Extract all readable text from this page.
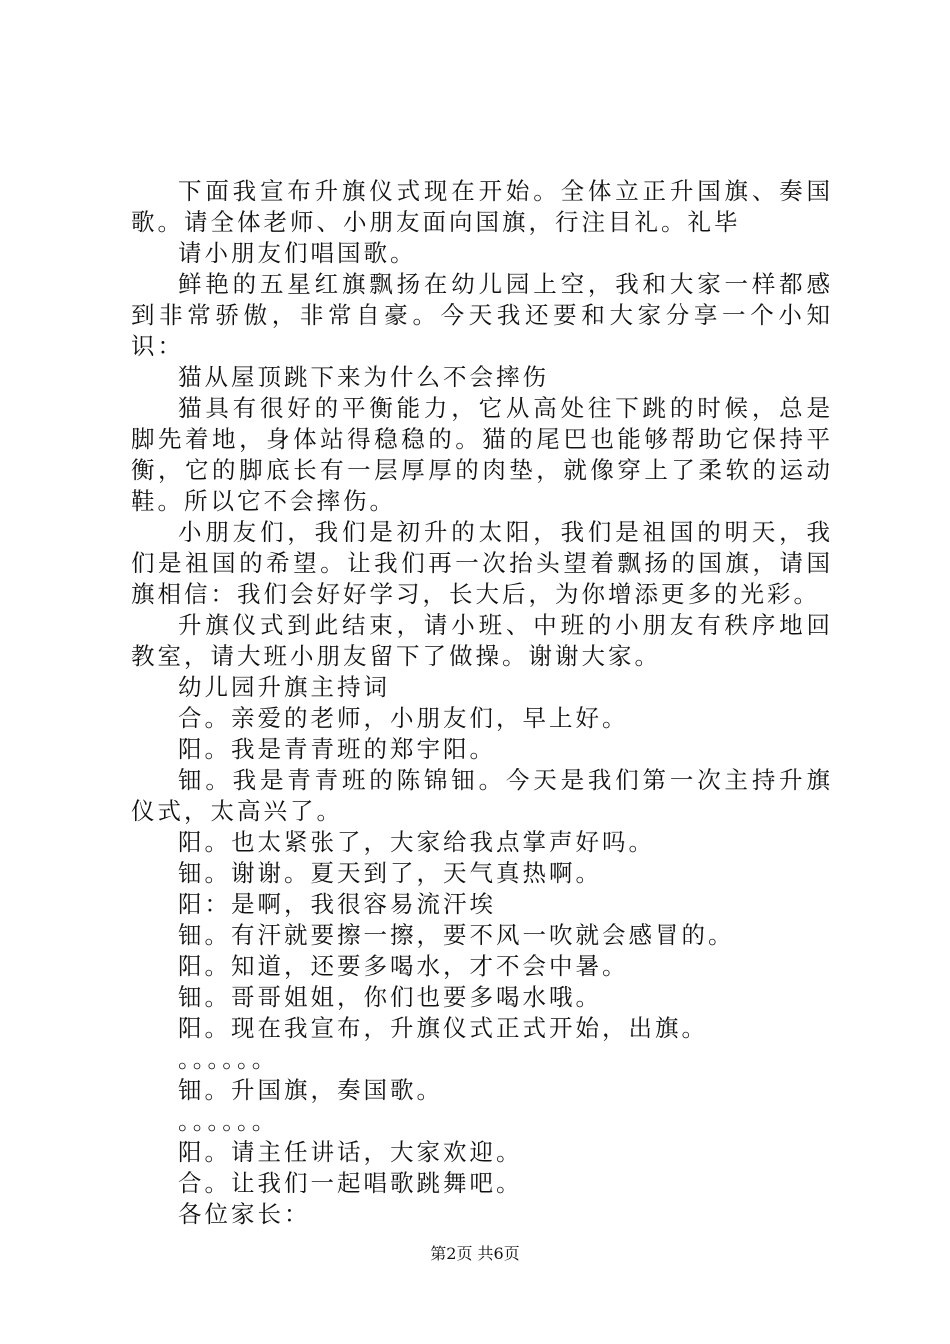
下面我宣布升旗仪式现在开始。全体立正升国旗、奏国歌。请全体老师、小朋友面向国旗，行注目礼。礼毕

请小朋友们唱国歌。

鲜艳的五星红旗飘扬在幼儿园上空，我和大家一样都感到非常骄傲，非常自豪。今天我还要和大家分享一个小知识：

猫从屋顶跳下来为什么不会摔伤

猫具有很好的平衡能力，它从高处往下跳的时候，总是脚先着地，身体站得稳稳的。猫的尾巴也能够帮助它保持平衡，它的脚底长有一层厚厚的肉垫，就像穿上了柔软的运动鞋。所以它不会摔伤。

小朋友们，我们是初升的太阳，我们是祖国的明天，我们是祖国的希望。让我们再一次抬头望着飘扬的国旗，请国旗相信：我们会好好学习，长大后，为你增添更多的光彩。

升旗仪式到此结束，请小班、中班的小朋友有秩序地回教室，请大班小朋友留下了做操。谢谢大家。

幼儿园升旗主持词

合。亲爱的老师，小朋友们，早上好。

阳。我是青青班的郑宇阳。

钿。我是青青班的陈锦钿。今天是我们第一次主持升旗仪式，太高兴了。

阳。也太紧张了，大家给我点掌声好吗。

钿。谢谢。夏天到了，天气真热啊。

阳：是啊，我很容易流汗埃

钿。有汗就要擦一擦，要不风一吹就会感冒的。

阳。知道，还要多喝水，才不会中暑。

钿。哥哥姐姐，你们也要多喝水哦。

阳。现在我宣布，升旗仪式正式开始，出旗。

。。。。。。

钿。升国旗，奏国歌。

。。。。。。

阳。请主任讲话，大家欢迎。

合。让我们一起唱歌跳舞吧。

各位家长：

第2页 共6页
